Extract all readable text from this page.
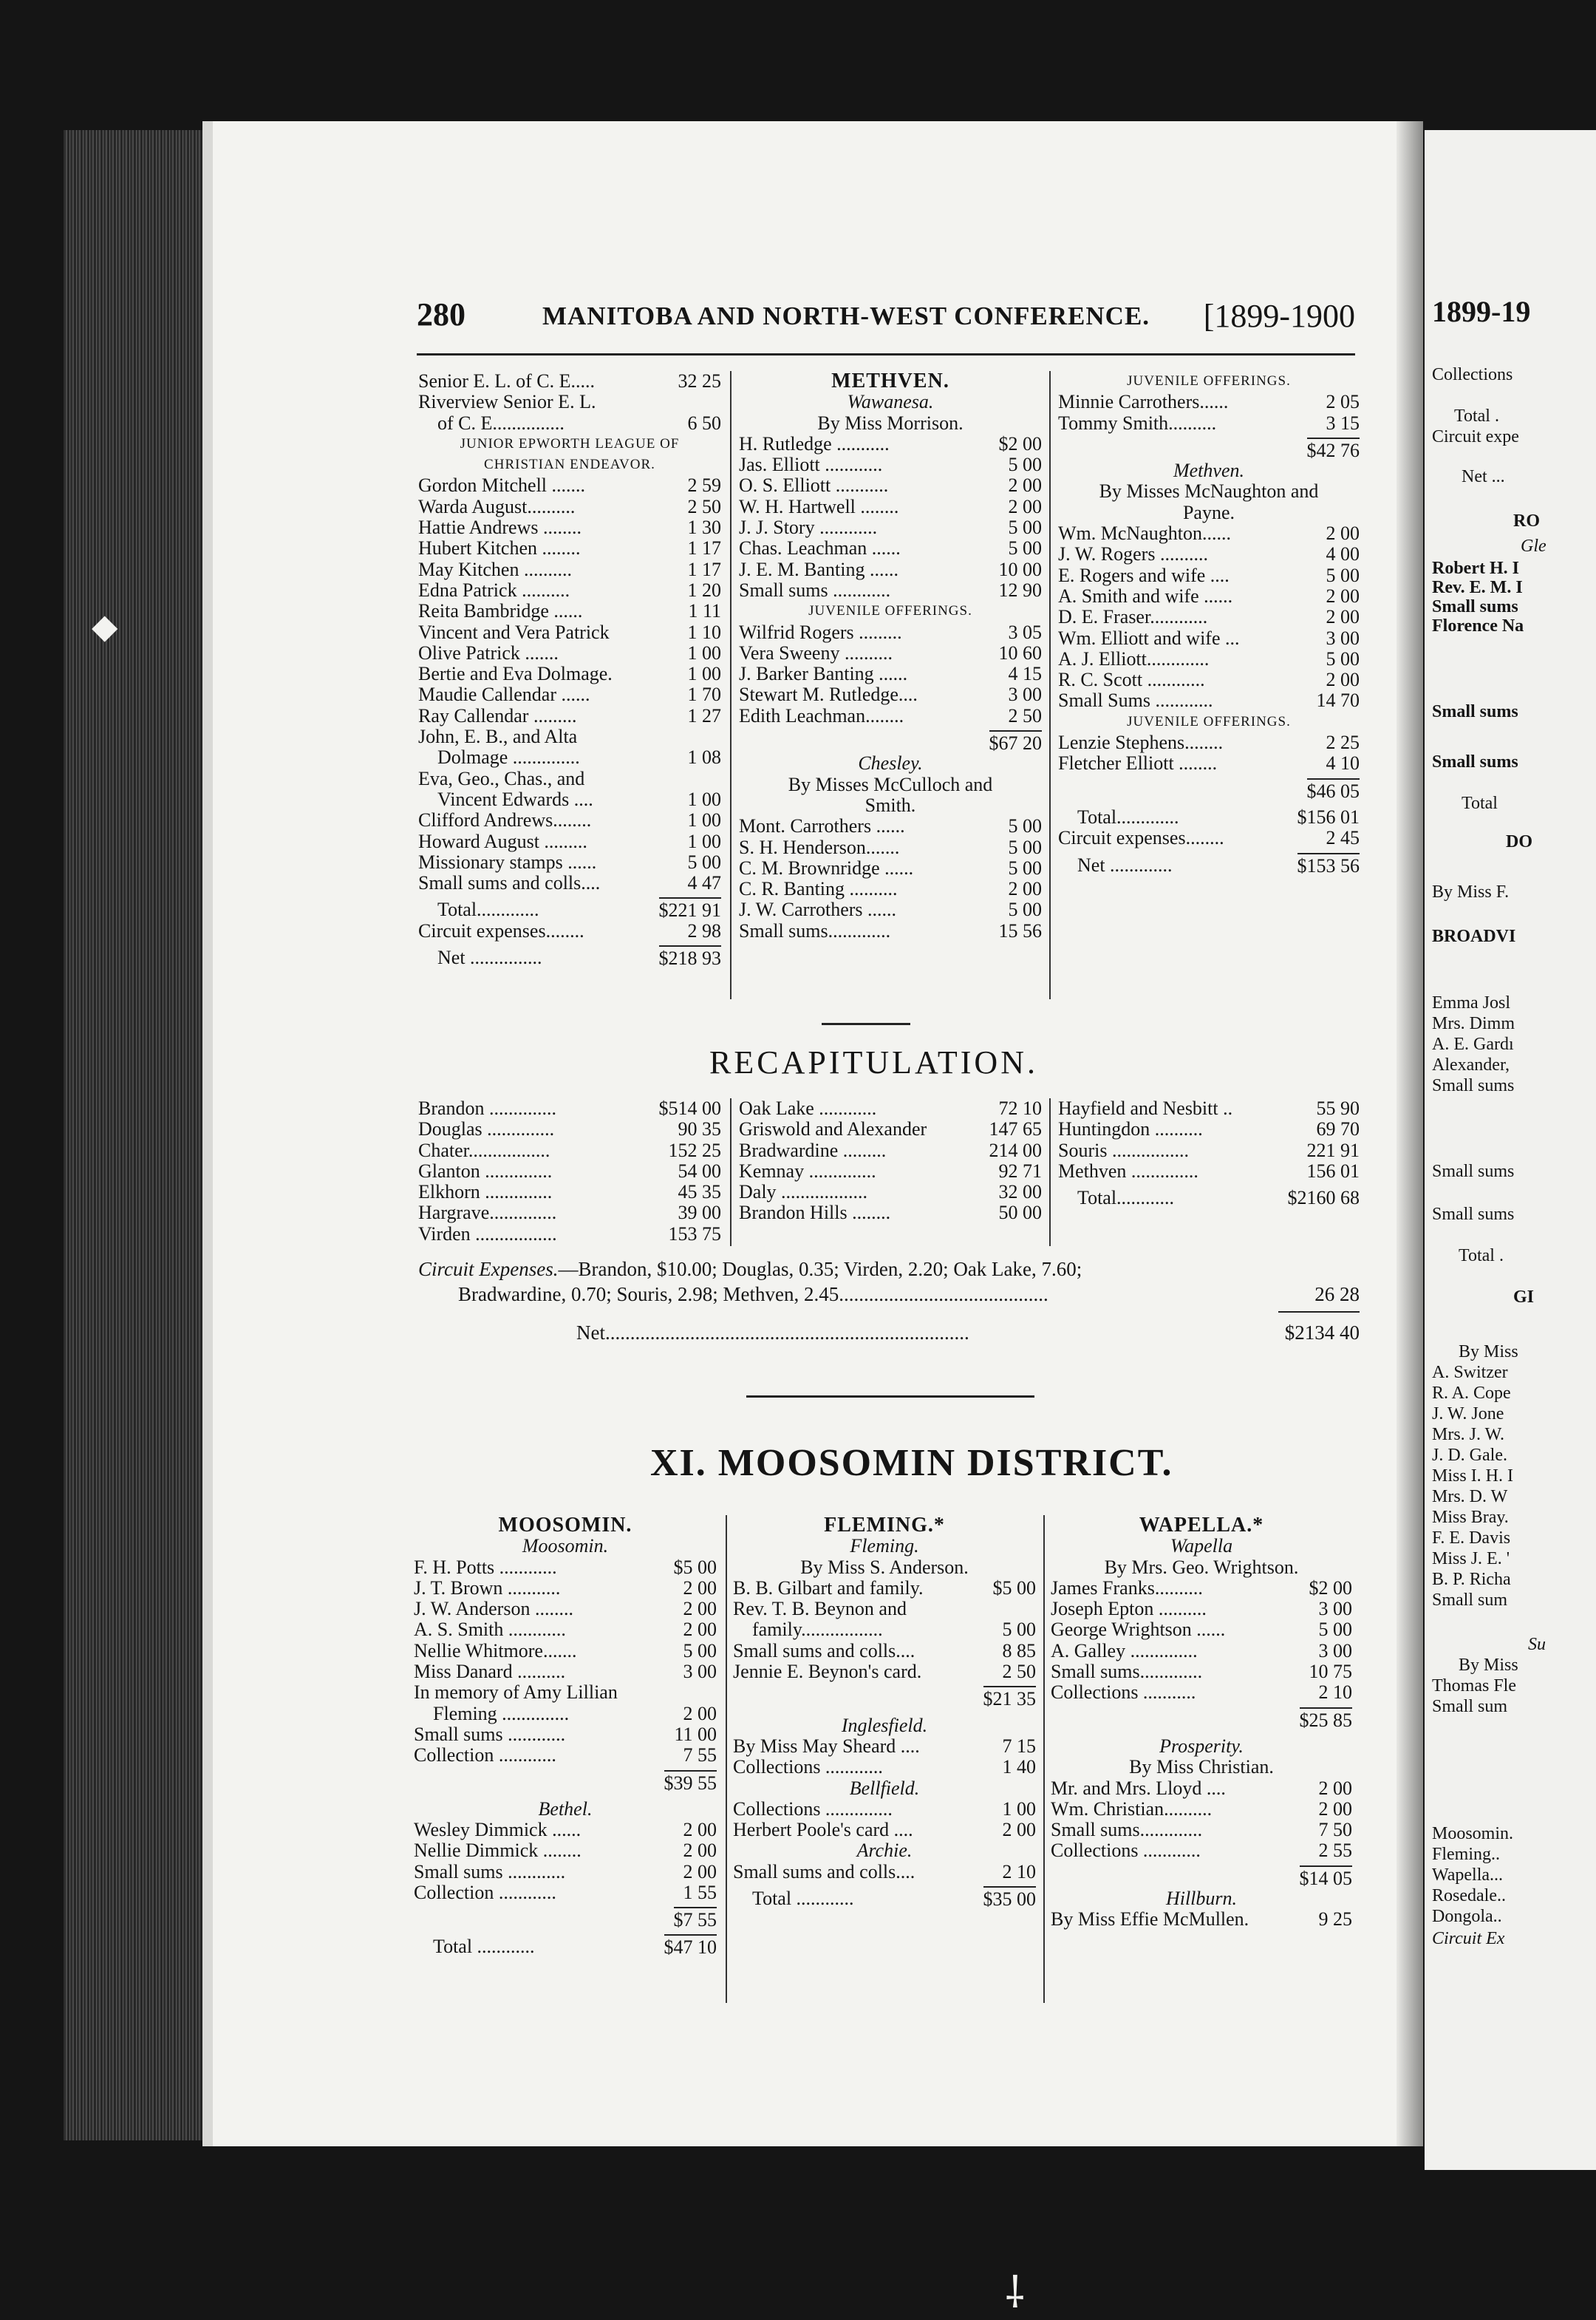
1899-19
Collections
Total .
Circuit expe
Net ...
RO
Gle
Robert H. I
Rev. E. M. I
Small sums
Florence Na
Small sums
Small sums
Total
DO
By Miss F.
BROADVI
Emma Josl
Mrs. Dimm
A. E. Gardı
Alexander,
Small sums
Small sums
Small sums
Total .
GI
By Miss
A. Switzer
R. A. Cope
J. W. Jone
Mrs. J. W.
J. D. Gale.
Miss I. H. I
Mrs. D. W
Miss Bray.
F. E. Davis
Miss J. E. '
B. P. Richa
Small sum
Su
By Miss
Thomas Fle
Small sum
Moosomin.
Fleming..
Wapella...
Rosedale..
Dongola..
Circuit Ex
◆
⸸
280	MANITOBA AND NORTH-WEST CONFERENCE. [1899-1900
Senior E. L. of C. E.....	32 25
Riverview Senior E. L.
of C. E...............	6 50
JUNIOR EPWORTH LEAGUE OF
CHRISTIAN ENDEAVOR.
Gordon Mitchell .......	2 59
Warda August..........	2 50
Hattie Andrews ........	1 30
Hubert Kitchen ........	1 17
May Kitchen ..........	1 17
Edna Patrick ..........	1 20
Reita Bambridge ......	1 11
Vincent and Vera Patrick	1 10
Olive Patrick .......	1 00
Bertie and Eva Dolmage.	1 00
Maudie Callendar ......	1 70
Ray Callendar .........	1 27
John, E. B., and Alta
Dolmage ..............	1 08
Eva, Geo., Chas., and
Vincent Edwards ....	1 00
Clifford Andrews........	1 00
Howard August .........	1 00
Missionary stamps ......	5 00
Small sums and colls....	4 47
Total.............	$221 91
Circuit expenses........	2 98
Net ...............	$218 93
METHVEN.
Wawanesa.
By Miss Morrison.
H. Rutledge ...........	$2 00
Jas. Elliott ............	5 00
O. S. Elliott ...........	2 00
W. H. Hartwell ........	2 00
J. J. Story ............	5 00
Chas. Leachman ......	5 00
J. E. M. Banting ......	10 00
Small sums ............	12 90
JUVENILE OFFERINGS.
Wilfrid Rogers .........	3 05
Vera Sweeny ..........	10 60
J. Barker Banting ......	4 15
Stewart M. Rutledge....	3 00
Edith Leachman........	2 50
$67 20
Chesley.
By Misses McCulloch and
Smith.
Mont. Carrothers ......	5 00
S. H. Henderson.......	5 00
C. M. Brownridge ......	5 00
C. R. Banting ..........	2 00
J. W. Carrothers ......	5 00
Small sums.............	15 56
JUVENILE OFFERINGS.
Minnie Carrothers......	2 05
Tommy Smith..........	3 15
$42 76
Methven.
By Misses McNaughton and
Payne.
Wm. McNaughton......	2 00
J. W. Rogers ..........	4 00
E. Rogers and wife ....	5 00
A. Smith and wife ......	2 00
D. E. Fraser............	2 00
Wm. Elliott and wife ...	3 00
A. J. Elliott.............	5 00
R. C. Scott ............	2 00
Small Sums ............	14 70
JUVENILE OFFERINGS.
Lenzie Stephens........	2 25
Fletcher Elliott ........	4 10
$46 05
Total.............	$156 01
Circuit expenses........	2 45
Net .............	$153 56
RECAPITULATION.
Brandon ..............	$514 00
Douglas ..............	90 35
Chater.................	152 25
Glanton ..............	54 00
Elkhorn ..............	45 35
Hargrave..............	39 00
Virden .................	153 75
Oak Lake ............	72 10
Griswold and Alexander	147 65
Bradwardine .........	214 00
Kemnay ..............	92 71
Daly ..................	32 00
Brandon Hills ........	50 00
Hayfield and Nesbitt ..	55 90
Huntingdon ..........	69 70
Souris ................	221 91
Methven ..............	156 01
Total............	$2160 68
Circuit Expenses.—Brandon, $10.00; Douglas, 0.35; Virden, 2.20; Oak Lake, 7.60;
Bradwardine, 0.70; Souris, 2.98; Methven, 2.45..........................................	26 28
Net.........................................................................	$2134 40
XI. MOOSOMIN DISTRICT.
MOOSOMIN.
Moosomin.
F. H. Potts ............	$5 00
J. T. Brown ...........	2 00
J. W. Anderson ........	2 00
A. S. Smith ............	2 00
Nellie Whitmore.......	5 00
Miss Danard ..........	3 00
In memory of Amy Lillian
Fleming ..............	2 00
Small sums ............	11 00
Collection ............	7 55
$39 55
Bethel.
Wesley Dimmick ......	2 00
Nellie Dimmick ........	2 00
Small sums ............	2 00
Collection ............	1 55
$7 55
Total ............	$47 10
FLEMING.*
Fleming.
By Miss S. Anderson.
B. B. Gilbart and family.	$5 00
Rev. T. B. Beynon and
family.................	5 00
Small sums and colls....	8 85
Jennie E. Beynon's card.	2 50
$21 35
Inglesfield.
By Miss May Sheard ....	7 15
Collections ............	1 40
Bellfield.
Collections ..............	1 00
Herbert Poole's card ....	2 00
Archie.
Small sums and colls....	2 10
Total ............	$35 00
WAPELLA.*
Wapella
By Mrs. Geo. Wrightson.
James Franks..........	$2 00
Joseph Epton ..........	3 00
George Wrightson ......	5 00
A. Galley ..............	3 00
Small sums.............	10 75
Collections ...........	2 10
$25 85
Prosperity.
By Miss Christian.
Mr. and Mrs. Lloyd ....	2 00
Wm. Christian..........	2 00
Small sums.............	7 50
Collections ............	2 55
$14 05
Hillburn.
By Miss Effie McMullen.	9 25
